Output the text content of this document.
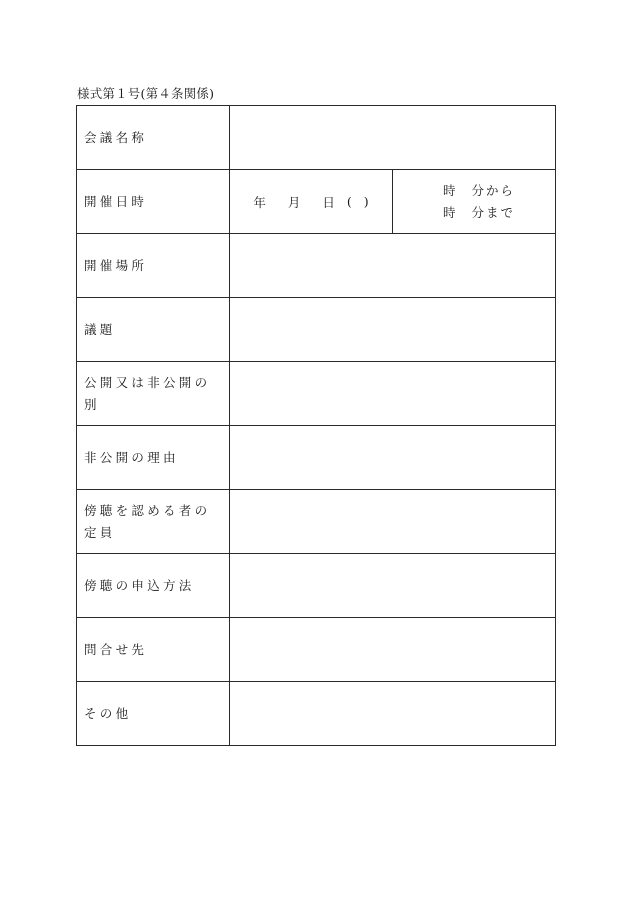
様式第１号(第４条関係)
会議名称		

開催日時	年 月 日 ( )	時 分から
時 分まで

開催場所		

議題		

公開又は非公開の別		

非公開の理由		

傍聴を認める者の定員		

傍聴の申込方法		

問合せ先		

その他		
